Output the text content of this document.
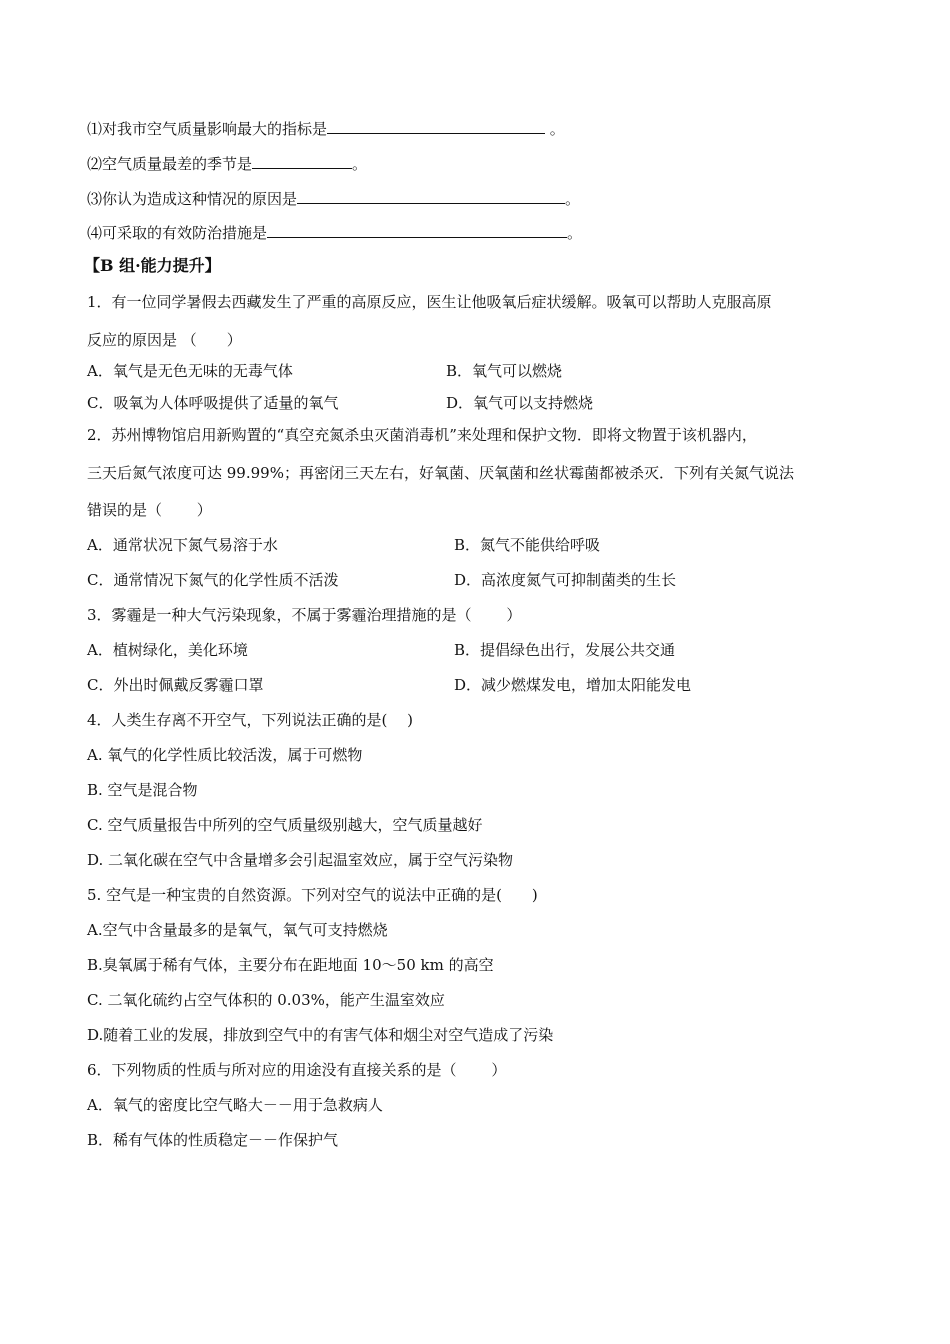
⑴对我市空气质量影响最大的指标是	。
⑵空气质量最差的季节是	。
⑶你认为造成这种情况的原因是	。
⑷可采取的有效防治措施是	。
【B 组·能力提升】
1．有一位同学暑假去西藏发生了严重的高原反应，医生让他吸氧后症状缓解。吸氧可以帮助人克服高原
反应的原因是 （　　）
A．氧气是无色无味的无毒气体	B．氧气可以燃烧
C．吸氧为人体呼吸提供了适量的氧气	D．氧气可以支持燃烧
2．苏州博物馆启用新购置的“真空充氮杀虫灭菌消毒机”来处理和保护文物．即将文物置于该机器内，
三天后氮气浓度可达 99.99%；再密闭三天左右，好氧菌、厌氧菌和丝状霉菌都被杀灭．下列有关氮气说法
错误的是（　　 ）
A．通常状况下氮气易溶于水	B．氮气不能供给呼吸
C．通常情况下氮气的化学性质不活泼	D．高浓度氮气可抑制菌类的生长
3．雾霾是一种大气污染现象，不属于雾霾治理措施的是（　　 ）
A．植树绿化，美化环境	B．提倡绿色出行，发展公共交通
C．外出时佩戴反雾霾口罩	D．减少燃煤发电，增加太阳能发电
4．人类生存离不开空气，下列说法正确的是(　 )
A. 氧气的化学性质比较活泼，属于可燃物
B. 空气是混合物
C. 空气质量报告中所列的空气质量级别越大，空气质量越好
D. 二氧化碳在空气中含量增多会引起温室效应，属于空气污染物
5. 空气是一种宝贵的自然资源。下列对空气的说法中正确的是(　　)
A.空气中含量最多的是氧气，氧气可支持燃烧
B.臭氧属于稀有气体，主要分布在距地面 10～50 km 的高空
C. 二氧化硫约占空气体积的 0.03%，能产生温室效应
D.随着工业的发展，排放到空气中的有害气体和烟尘对空气造成了污染
6．下列物质的性质与所对应的用途没有直接关系的是（　　 ）
A．氧气的密度比空气略大－－用于急救病人
B．稀有气体的性质稳定－－作保护气
